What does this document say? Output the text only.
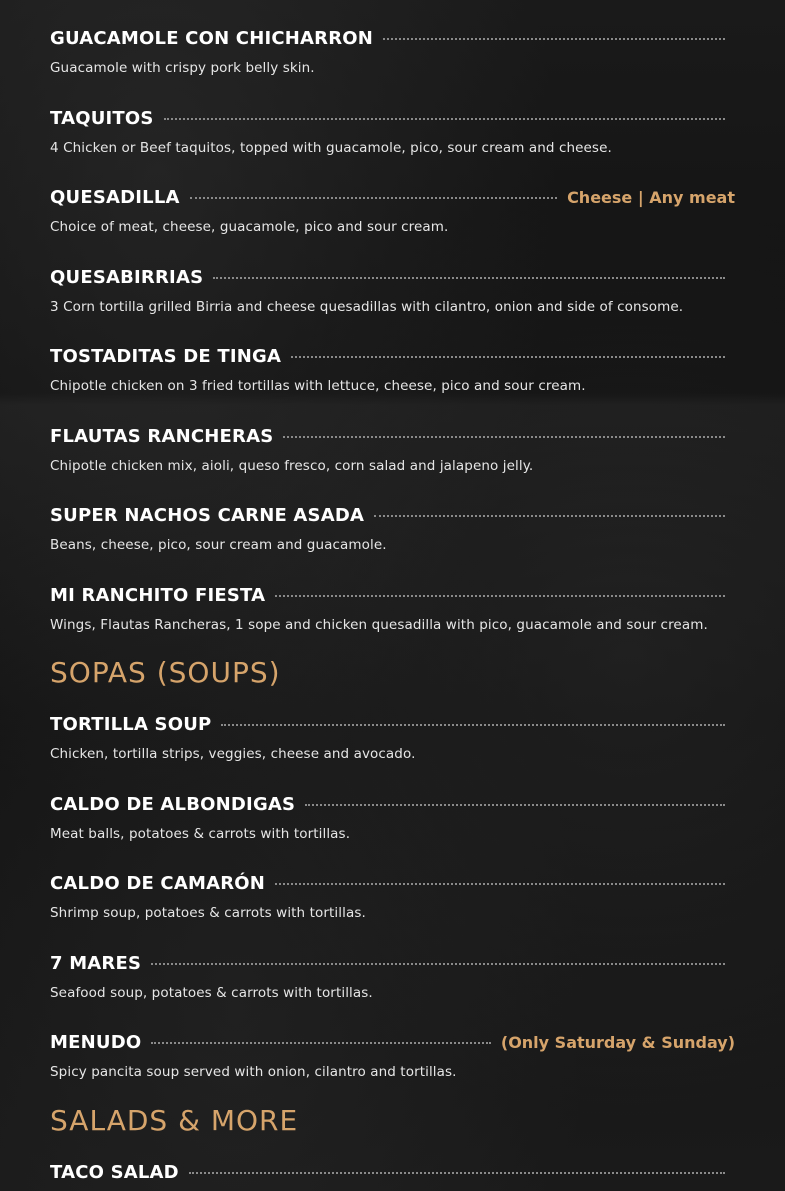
GUACAMOLE CON CHICHARRON
Guacamole with crispy pork belly skin.
TAQUITOS
4 Chicken or Beef taquitos, topped with guacamole, pico, sour cream and cheese.
QUESADILLA	Cheese | Any meat
Choice of meat, cheese, guacamole, pico and sour cream.
QUESABIRRIAS
3 Corn tortilla grilled Birria and cheese quesadillas with cilantro, onion and side of consome.
TOSTADITAS DE TINGA
Chipotle chicken on 3 fried tortillas with lettuce, cheese, pico and sour cream.
FLAUTAS RANCHERAS
Chipotle chicken mix, aioli, queso fresco, corn salad and jalapeno jelly.
SUPER NACHOS CARNE ASADA
Beans, cheese, pico, sour cream and guacamole.
MI RANCHITO FIESTA
Wings, Flautas Rancheras, 1 sope and chicken quesadilla with pico, guacamole and sour cream.
SOPAS (SOUPS)
TORTILLA SOUP
Chicken, tortilla strips, veggies, cheese and avocado.
CALDO DE ALBONDIGAS
Meat balls, potatoes & carrots with tortillas.
CALDO DE CAMARÓN
Shrimp soup, potatoes & carrots with tortillas.
7 MARES
Seafood soup, potatoes & carrots with tortillas.
MENUDO	(Only Saturday & Sunday)
Spicy pancita soup served with onion, cilantro and tortillas.
SALADS & MORE
TACO SALAD
